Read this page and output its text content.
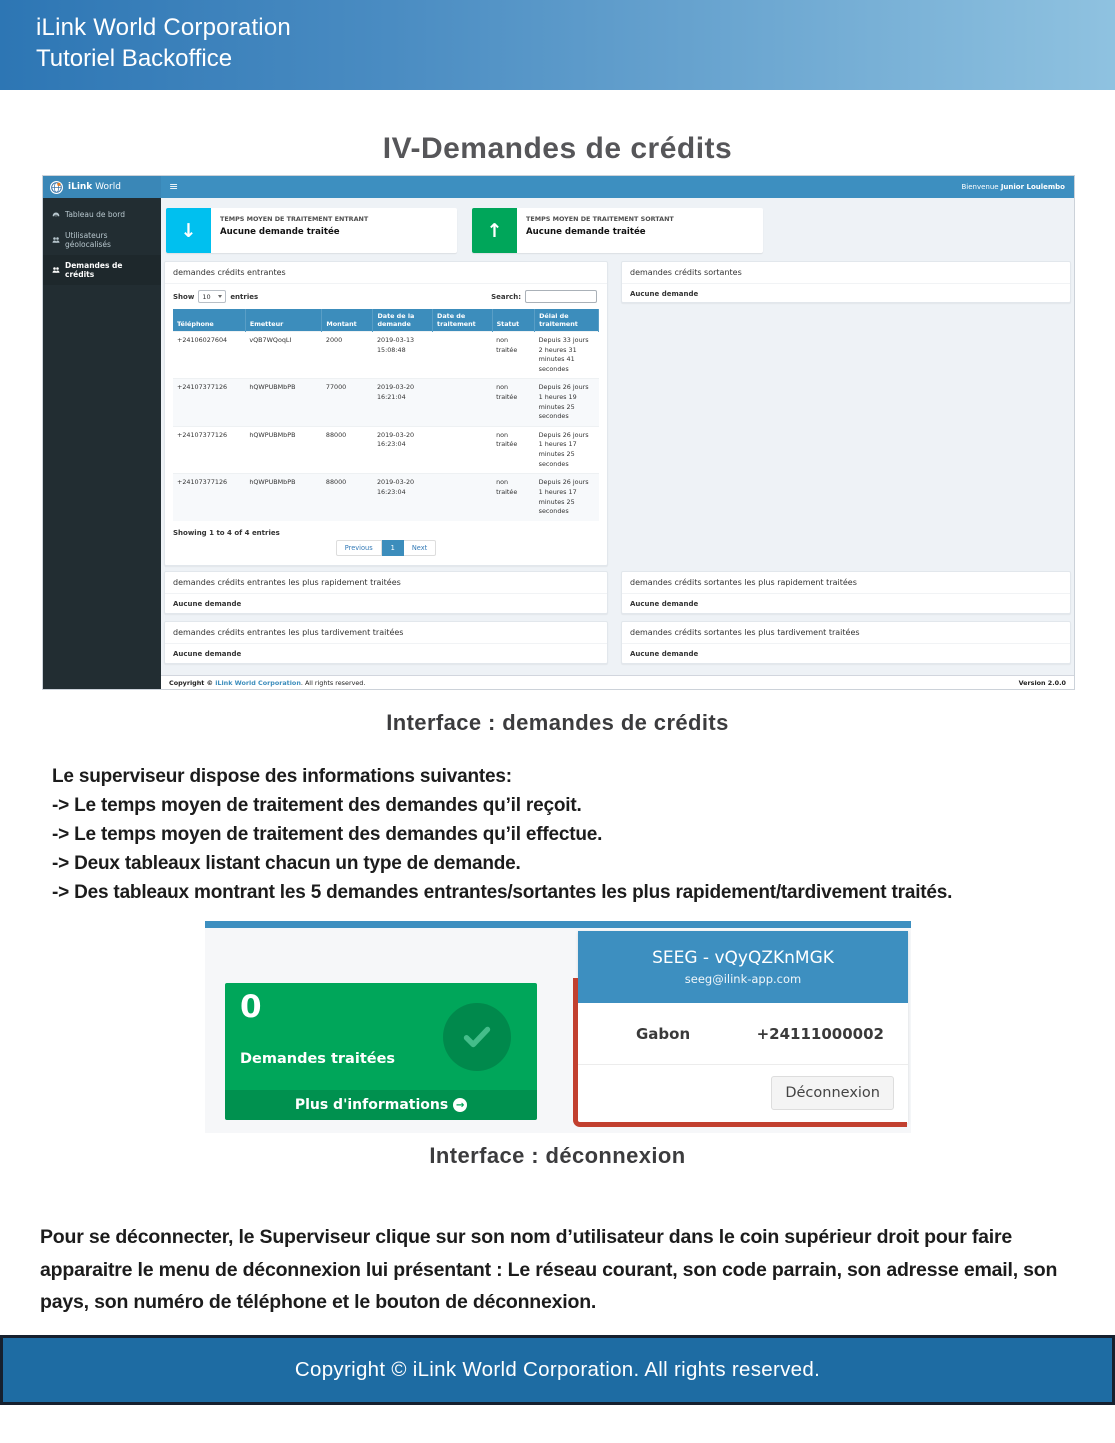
iLink World Corporation
Tutoriel Backoffice
IV-Demandes de crédits
iLink World	≡	Bienvenue Junior Loulembo
Tableau de bord
Utilisateurs géolocalisés
Demandes de crédits
↓
TEMPS MOYEN DE TRAITEMENT ENTRANT
Aucune demande traitée	↑
TEMPS MOYEN DE TRAITEMENT SORTANT
Aucune demande traitée
demandes crédits entrantes
Show 10	entries	Search:
Téléphone	Emetteur	Montant	Date de la demande	Date de traitement	Statut	Délai de traitement
+24106027604	vQB7WQoqLI	2000	2019-03-13 15:08:48		non traitée	Depuis 33 jours 2 heures 31 minutes 41 secondes
+24107377126	hQWPUBMbPB	77000	2019-03-20 16:21:04		non traitée	Depuis 26 jours 1 heures 19 minutes 25 secondes
+24107377126	hQWPUBMbPB	88000	2019-03-20 16:23:04		non traitée	Depuis 26 jours 1 heures 17 minutes 25 secondes
+24107377126	hQWPUBMbPB	88000	2019-03-20 16:23:04		non traitée	Depuis 26 jours 1 heures 17 minutes 25 secondes
Showing 1 to 4 of 4 entries
Previous	1	Next
demandes crédits sortantes
Aucune demande
demandes crédits entrantes les plus rapidement traitées
Aucune demande
demandes crédits sortantes les plus rapidement traitées
Aucune demande
demandes crédits entrantes les plus tardivement traitées
Aucune demande
demandes crédits sortantes les plus tardivement traitées
Aucune demande
Copyright © iLink World Corporation. All rights reserved.	Version 2.0.0
Interface : demandes de crédits
Le superviseur dispose des informations suivantes:
-> Le temps moyen de traitement des demandes qu’il reçoit.
-> Le temps moyen de traitement des demandes qu’il effectue.
-> Deux tableaux listant chacun un type de demande.
-> Des tableaux montrant les 5 demandes entrantes/sortantes les plus rapidement/tardivement traités.
0
Demandes traitées
Plus d'informations →
SEEG - vQyQZKnMGK
seeg@ilink-app.com
Gabon	+24111000002
Déconnexion
Interface : déconnexion
Pour se déconnecter, le Superviseur clique sur son nom d’utilisateur dans le coin supérieur droit pour faire apparaitre le menu de déconnexion lui présentant : Le réseau courant, son code parrain, son adresse email, son pays, son numéro de téléphone et le bouton de déconnexion.
Copyright © iLink World Corporation. All rights reserved.
